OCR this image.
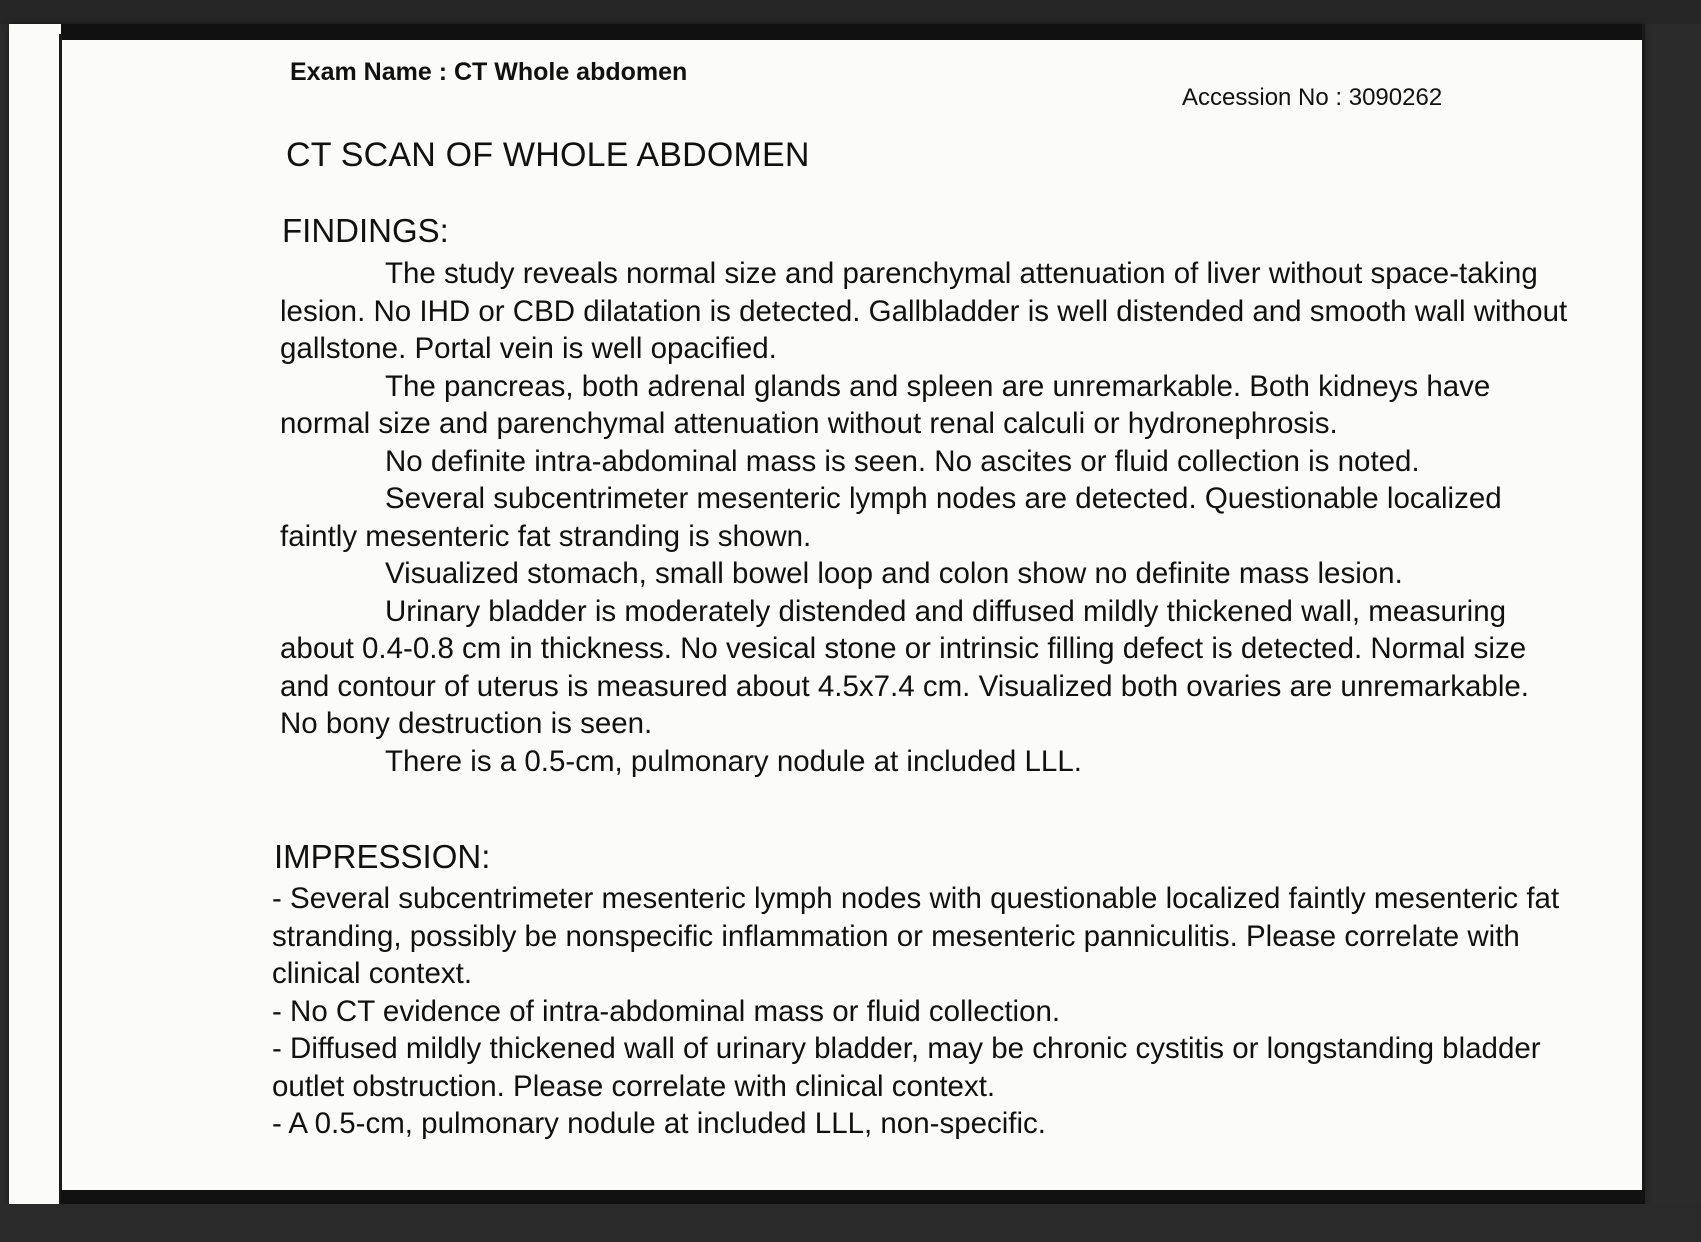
Exam Name : CT Whole abdomen
Accession No : 3090262
CT SCAN OF WHOLE ABDOMEN
FINDINGS:

The study reveals normal size and parenchymal attenuation of liver without space-taking lesion. No IHD or CBD dilatation is detected. Gallbladder is well distended and smooth wall without gallstone. Portal vein is well opacified.

The pancreas, both adrenal glands and spleen are unremarkable. Both kidneys have normal size and parenchymal attenuation without renal calculi or hydronephrosis.

No definite intra-abdominal mass is seen. No ascites or fluid collection is noted.

Several subcentrimeter mesenteric lymph nodes are detected. Questionable localized faintly mesenteric fat stranding is shown.

Visualized stomach, small bowel loop and colon show no definite mass lesion.

Urinary bladder is moderately distended and diffused mildly thickened wall, measuring about 0.4-0.8 cm in thickness. No vesical stone or intrinsic filling defect is detected. Normal size and contour of uterus is measured about 4.5x7.4 cm. Visualized both ovaries are unremarkable. No bony destruction is seen.

There is a 0.5-cm, pulmonary nodule at included LLL.

IMPRESSION:

- Several subcentrimeter mesenteric lymph nodes with questionable localized faintly mesenteric fat stranding, possibly be nonspecific inflammation or mesenteric panniculitis. Please correlate with clinical context.

- No CT evidence of intra-abdominal mass or fluid collection.

- Diffused mildly thickened wall of urinary bladder, may be chronic cystitis or longstanding bladder outlet obstruction. Please correlate with clinical context.

- A 0.5-cm, pulmonary nodule at included LLL, non-specific.
